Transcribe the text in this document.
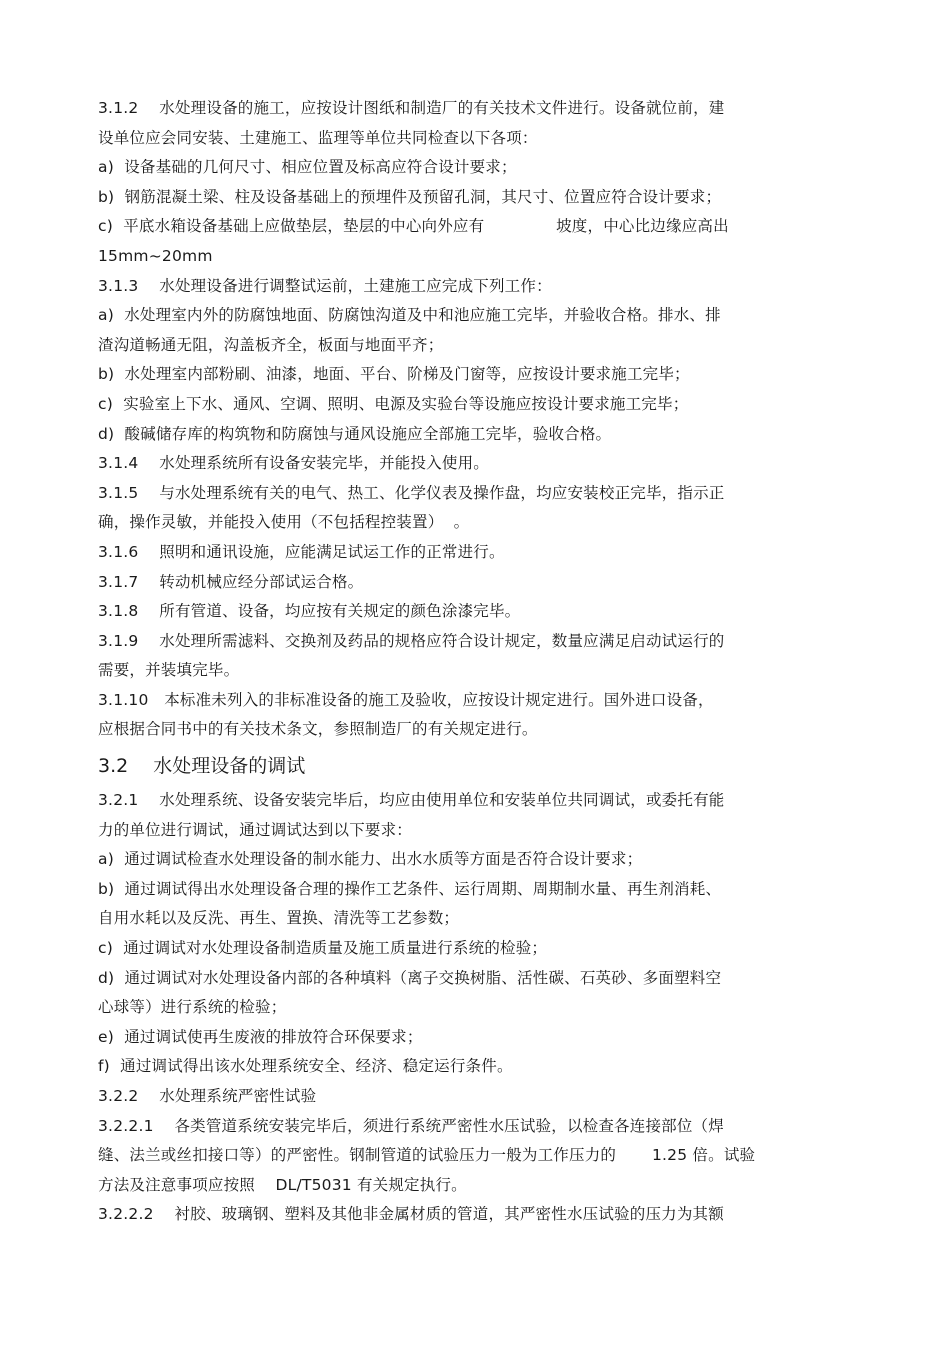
3.1.2　 水处理设备的施工，应按设计图纸和制造厂的有关技术文件进行。设备就位前，建
设单位应会同安装、土建施工、监理等单位共同检查以下各项：
a)  设备基础的几何尺寸、相应位置及标高应符合设计要求；
b)  钢筋混凝土梁、柱及设备基础上的预埋件及预留孔洞，其尺寸、位置应符合设计要求；
c)  平底水箱设备基础上应做垫层，垫层的中心向外应有              坡度，中心比边缘应高出
15mm~20mm
3.1.3　 水处理设备进行调整试运前，土建施工应完成下列工作：
a)  水处理室内外的防腐蚀地面、防腐蚀沟道及中和池应施工完毕，并验收合格。排水、排
渣沟道畅通无阻，沟盖板齐全，板面与地面平齐；
b)  水处理室内部粉刷、油漆，地面、平台、阶梯及门窗等，应按设计要求施工完毕；
c)  实验室上下水、通风、空调、照明、电源及实验台等设施应按设计要求施工完毕；
d)  酸碱储存库的构筑物和防腐蚀与通风设施应全部施工完毕，验收合格。
3.1.4　 水处理系统所有设备安装完毕，并能投入使用。
3.1.5　 与水处理系统有关的电气、热工、化学仪表及操作盘，均应安装校正完毕，指示正
确，操作灵敏，并能投入使用（不包括程控装置）  。
3.1.6　 照明和通讯设施，应能满足试运工作的正常进行。
3.1.7　 转动机械应经分部试运合格。
3.1.8　 所有管道、设备，均应按有关规定的颜色涂漆完毕。
3.1.9　 水处理所需滤料、交换剂及药品的规格应符合设计规定，数量应满足启动试运行的
需要，并装填完毕。
3.1.10　本标准未列入的非标准设备的施工及验收，应按设计规定进行。国外进口设备，
应根据合同书中的有关技术条文，参照制造厂的有关规定进行。
3.2　 水处理设备的调试
3.2.1　 水处理系统、设备安装完毕后，均应由使用单位和安装单位共同调试，或委托有能
力的单位进行调试，通过调试达到以下要求：
a)  通过调试检查水处理设备的制水能力、出水水质等方面是否符合设计要求；
b)  通过调试得出水处理设备合理的操作工艺条件、运行周期、周期制水量、再生剂消耗、
自用水耗以及反洗、再生、置换、清洗等工艺参数；
c)  通过调试对水处理设备制造质量及施工质量进行系统的检验；
d)  通过调试对水处理设备内部的各种填料（离子交换树脂、活性碳、石英砂、多面塑料空
心球等）进行系统的检验；
e)  通过调试使再生废液的排放符合环保要求；
f)  通过调试得出该水处理系统安全、经济、稳定运行条件。
3.2.2　 水处理系统严密性试验
3.2.2.1　 各类管道系统安装完毕后，须进行系统严密性水压试验，以检查各连接部位（焊
缝、法兰或丝扣接口等）的严密性。钢制管道的试验压力一般为工作压力的       1.25 倍。试验
方法及注意事项应按照    DL/T5031 有关规定执行。
3.2.2.2　 衬胶、玻璃钢、塑料及其他非金属材质的管道，其严密性水压试验的压力为其额
